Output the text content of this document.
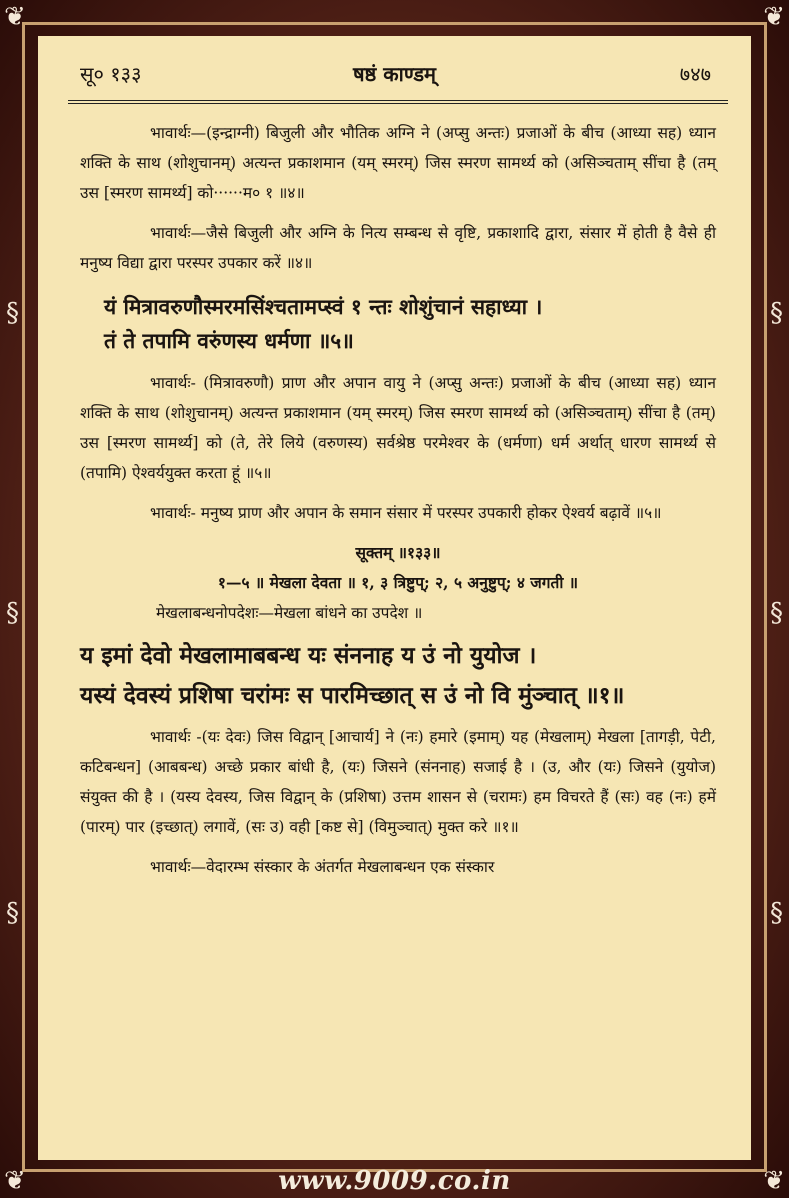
❦	❦
❦	❦
§
§
§
§
§
§
सू० १३३	षष्ठं काण्डम्	७४७

भावार्थः—(इन्द्राग्नी) बिजुली और भौतिक अग्नि ने (अप्सु अन्तः) प्रजाओं के बीच (आध्या सह) ध्यान शक्ति के साथ (शोशुचानम्) अत्यन्त प्रकाशमान (यम् स्मरम्) जिस स्मरण सामर्थ्य को (असिञ्चताम् सींचा है (तम् उस [स्मरण सामर्थ्य] को······म० १ ॥४॥

भावार्थः—जैसे बिजुली और अग्नि के नित्य सम्बन्ध से वृष्टि, प्रकाशादि द्वारा, संसार में होती है वैसे ही मनुष्य विद्या द्वारा परस्पर उपकार करें ॥४॥

यं मित्रावरुणौस्मरमसिंश्चतामप्स्वं १ न्तः शोशुंचानं सहाध्या ।
तं ते तपामि वरुंणस्य धर्मणा ॥५॥

भावार्थः- (मित्रावरुणौ) प्राण और अपान वायु ने (अप्सु अन्तः) प्रजाओं के बीच (आध्या सह) ध्यान शक्ति के साथ (शोशुचानम्) अत्यन्त प्रकाशमान (यम् स्मरम्) जिस स्मरण सामर्थ्य को (असिञ्चताम्) सींचा है (तम्) उस [स्मरण सामर्थ्य] को (ते, तेरे लिये (वरुणस्य) सर्वश्रेष्ठ परमेश्वर के (धर्मणा) धर्म अर्थात् धारण सामर्थ्य से (तपामि) ऐश्वर्ययुक्त करता हूं ॥५॥

भावार्थः- मनुष्य प्राण और अपान के समान संसार में परस्पर उपकारी होकर ऐश्वर्य बढ़ावें ॥५॥

सूक्तम् ॥१३३॥
१—५ ॥ मेखला देवता ॥ १, ३ त्रिष्टुप्; २, ५ अनुष्टुप्; ४ जगती ॥
मेखलाबन्धनोपदेशः—मेखला बांधने का उपदेश ॥
य इमां देवो मेखलामाबबन्ध यः संननाह य उं नो युयोज ।
यस्यं देवस्यं प्रशिषा चरांमः स पारमिच्छात् स उं नो वि मुंञ्चात् ॥१॥

भावार्थः -(यः देवः) जिस विद्वान् [आचार्य] ने (नः) हमारे (इमाम्) यह (मेखलाम्) मेखला [तागड़ी, पेटी, कटिबन्धन] (आबबन्ध) अच्छे प्रकार बांधी है, (यः) जिसने (संननाह) सजाई है । (उ, और (यः) जिसने (युयोज) संयुक्त की है । (यस्य देवस्य, जिस विद्वान् के (प्रशिषा) उत्तम शासन से (चरामः) हम विचरते हैं (सः) वह (नः) हमें (पारम्) पार (इच्छात्) लगावें, (सः उ) वही [कष्ट से] (विमुञ्चात्) मुक्त करे ॥१॥

भावार्थः—वेदारम्भ संस्कार के अंतर्गत मेखलाबन्धन एक संस्कार

www.9009.co.in
